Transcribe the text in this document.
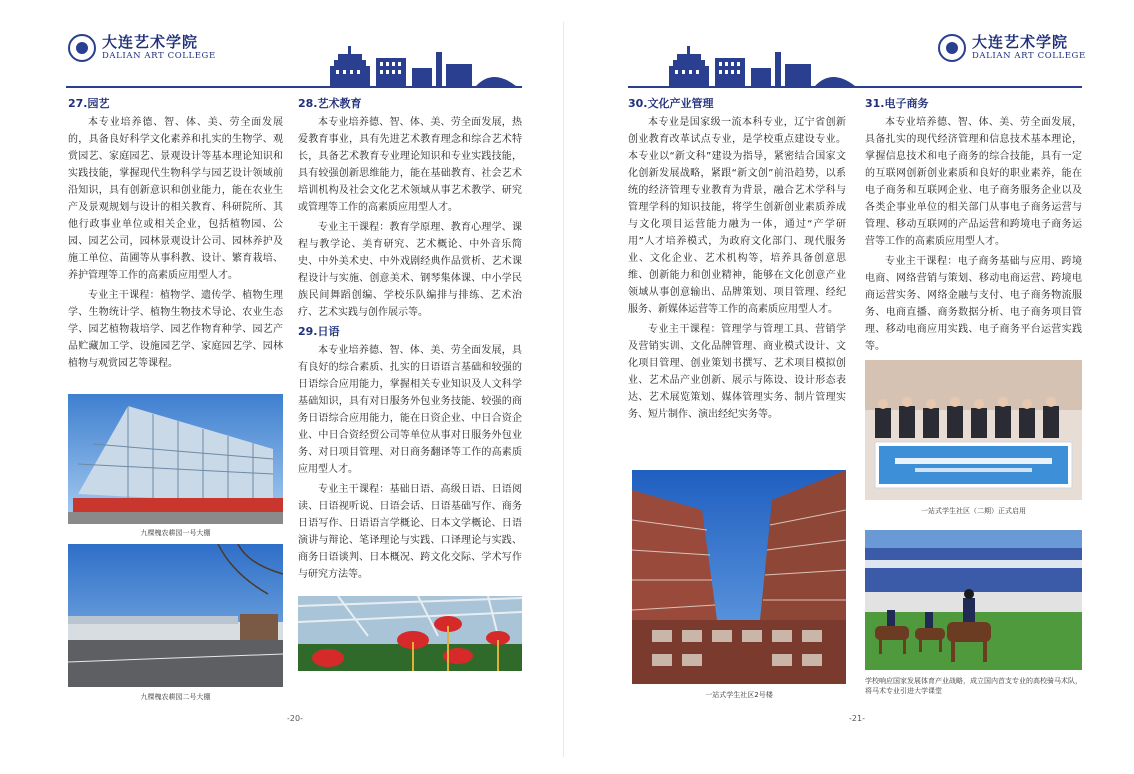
大连艺术学院
DALIAN ART COLLEGE
27.园艺

本专业培养德、智、体、美、劳全面发展的，具备良好科学文化素养和扎实的生物学、观赏园艺、家庭园艺、景观设计等基本理论知识和实践技能，掌握现代生物科学与园艺设计领域前沿知识，具有创新意识和创业能力，能在农业生产及景观规划与设计的相关教育、科研院所、其他行政事业单位或相关企业，包括植物园、公园、园艺公司，园林景观设计公司、园林养护及施工单位、苗圃等从事科教、设计、繁育栽培、养护管理等工作的高素质应用型人才。

专业主干课程：植物学、遗传学、植物生理学、生物统计学、植物生物技术导论、农业生态学、园艺植物栽培学、园艺作物育种学、园艺产品贮藏加工学、设施园艺学、家庭园艺学、园林植物与观赏园艺等课程。

九棵槐农耕园一号大棚
九棵槐农耕园二号大棚
28.艺术教育

本专业培养德、智、体、美、劳全面发展，热爱教育事业，具有先进艺术教育理念和综合艺术特长，具备艺术教育专业理论知识和专业实践技能，具有较强创新思维能力，能在基础教育、社会艺术培训机构及社会文化艺术领域从事艺术教学、研究或管理等工作的高素质应用型人才。

专业主干课程：教育学原理、教育心理学、课程与教学论、美育研究、艺术概论、中外音乐简史、中外美术史、中外戏剧经典作品赏析、艺术课程设计与实施、创意美术、钢琴集体课、中小学民族民间舞蹈创编、学校乐队编排与排练、艺术治疗、艺术实践与创作展示等。

29.日语

本专业培养德、智、体、美、劳全面发展，具有良好的综合素质、扎实的日语语言基础和较强的日语综合应用能力，掌握相关专业知识及人文科学基础知识，具有对日服务外包业务技能、较强的商务日语综合应用能力，能在日资企业、中日合资企业、中日合资经贸公司等单位从事对日服务外包业务、对日项目管理、对日商务翻译等工作的高素质应用型人才。

专业主干课程：基础日语、高级日语、日语阅读、日语视听说、日语会话、日语基础写作、商务日语写作、日语语言学概论、日本文学概论、日语演讲与辩论、笔译理论与实践、口译理论与实践、商务日语谈判、日本概况、跨文化交际、学术写作与研究方法等。

-20-
大连艺术学院
DALIAN ART COLLEGE
30.文化产业管理

本专业是国家级一流本科专业，辽宁省创新创业教育改革试点专业，是学校重点建设专业。本专业以“新文科”建设为指导，紧密结合国家文化创新发展战略，紧跟“新文创”前沿趋势，以系统的经济管理专业教育为背景，融合艺术学科与管理学科的知识技能，将学生创新创业素质养成与文化项目运营能力融为一体，通过“产学研用”人才培养模式，为政府文化部门、现代服务业、文化企业、艺术机构等，培养具备创意思维、创新能力和创业精神，能够在文化创意产业领域从事创意输出、品牌策划、项目管理、经纪服务、新媒体运营等工作的高素质应用型人才。

专业主干课程：管理学与管理工具、营销学及营销实训、文化品牌管理、商业模式设计、文化项目管理、创业策划书撰写、艺术项目模拟创业、艺术品产业创新、展示与陈设、设计形态表达、艺术展览策划、媒体管理实务、制片管理实务、短片制作、演出经纪实务等。

一站式学生社区2号楼
31.电子商务

本专业培养德、智、体、美、劳全面发展，具备扎实的现代经济管理和信息技术基本理论，掌握信息技术和电子商务的综合技能，具有一定的互联网创新创业素质和良好的职业素养，能在电子商务和互联网企业、电子商务服务企业以及各类企事业单位的相关部门从事电子商务运营与管理、移动互联网的产品运营和跨境电子商务运营等工作的高素质应用型人才。

专业主干课程：电子商务基础与应用、跨境电商、网络营销与策划、移动电商运营、跨境电商运营实务、网络金融与支付、电子商务物流服务、电商直播、商务数据分析、电子商务项目管理、移动电商应用实践、电子商务平台运营实践等。

一站式学生社区（二期）正式启用
学校响应国家发展体育产业战略，成立国内首支专业的高校骑马术队，将马术专业引进大学课堂
-21-
